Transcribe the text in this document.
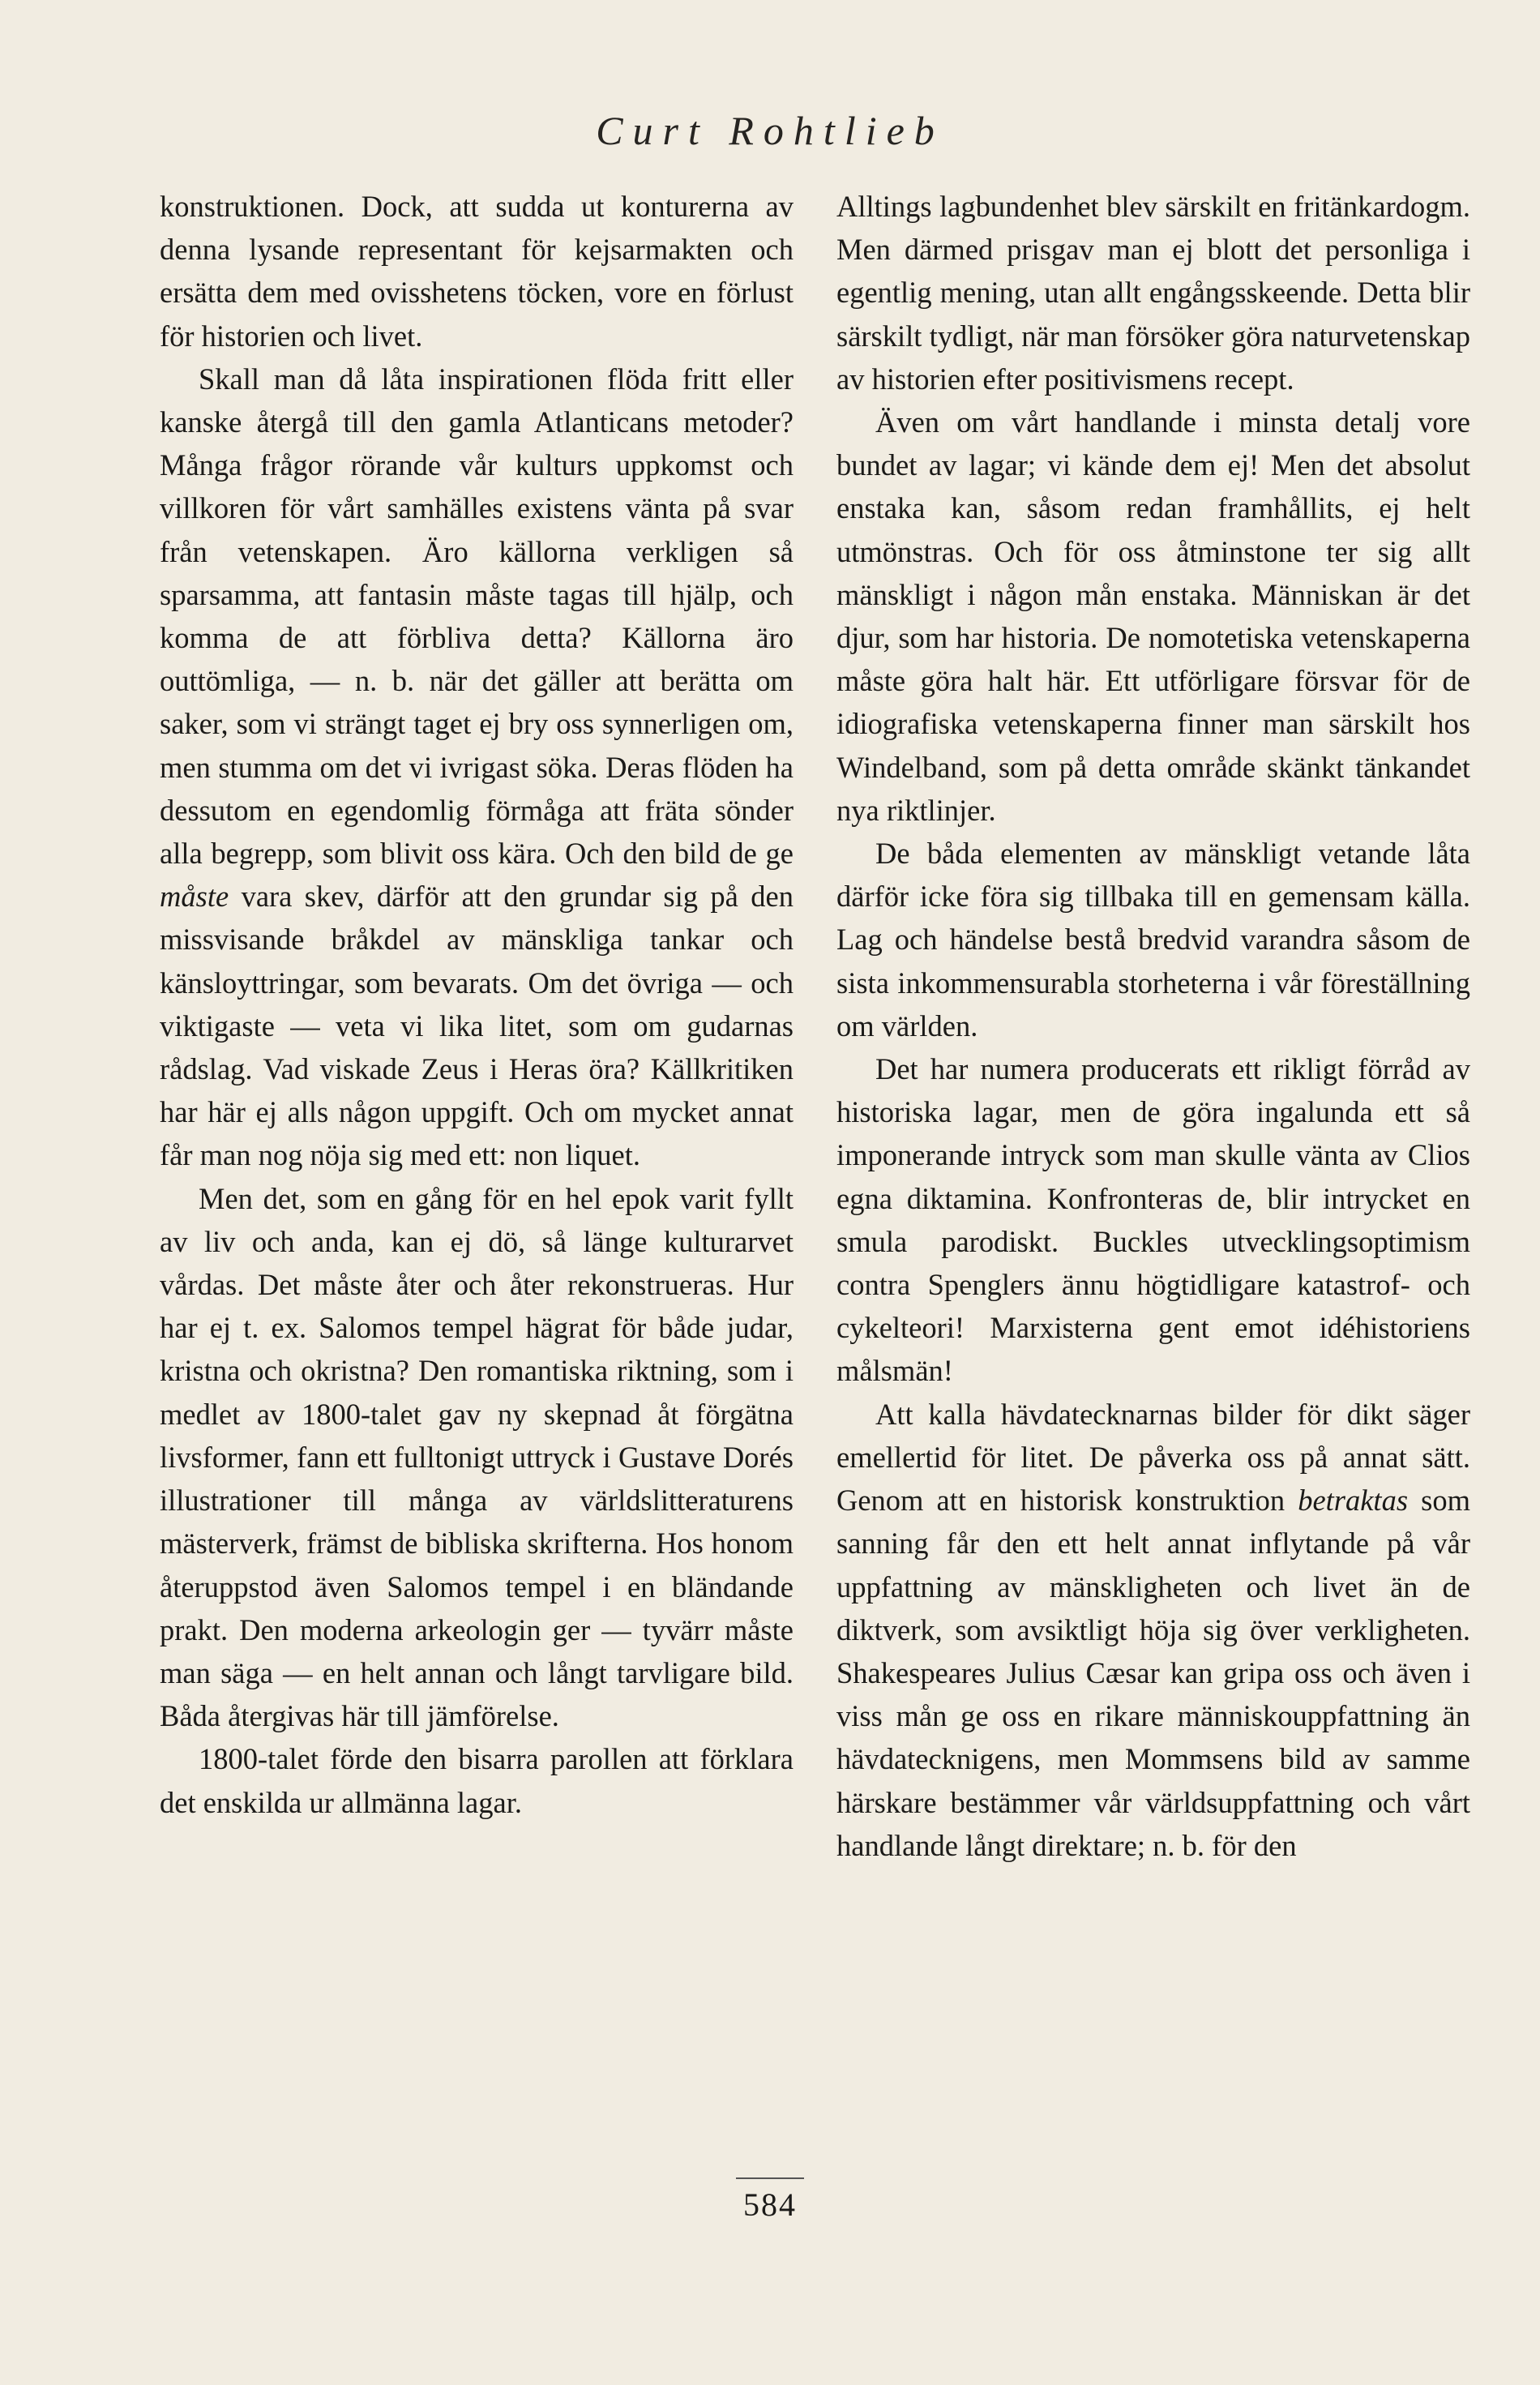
Curt Rohtlieb

konstruktionen. Dock, att sudda ut konturerna av denna lysande representant för kejsarmakten och ersätta dem med ovisshetens töcken, vore en förlust för historien och livet.

Skall man då låta inspirationen flöda fritt eller kanske återgå till den gamla Atlanticans metoder? Många frågor rörande vår kulturs uppkomst och villkoren för vårt samhälles existens vänta på svar från vetenskapen. Äro källorna verkligen så sparsamma, att fantasin måste tagas till hjälp, och komma de att förbliva detta? Källorna äro outtömliga, — n. b. när det gäller att berätta om saker, som vi strängt taget ej bry oss synnerligen om, men stumma om det vi ivrigast söka. Deras flöden ha dessutom en egendomlig förmåga att fräta sönder alla begrepp, som blivit oss kära. Och den bild de ge måste vara skev, därför att den grundar sig på den missvisande bråkdel av mänskliga tankar och känsloyttringar, som bevarats. Om det övriga — och viktigaste — veta vi lika litet, som om gudarnas rådslag. Vad viskade Zeus i Heras öra? Källkritiken har här ej alls någon uppgift. Och om mycket annat får man nog nöja sig med ett: non liquet.

Men det, som en gång för en hel epok varit fyllt av liv och anda, kan ej dö, så länge kulturarvet vårdas. Det måste åter och åter rekonstrueras. Hur har ej t. ex. Salomos tempel hägrat för både judar, kristna och okristna? Den romantiska riktning, som i medlet av 1800-talet gav ny skepnad åt förgätna livsformer, fann ett fulltonigt uttryck i Gustave Dorés illustrationer till många av världslitteraturens mästerverk, främst de bibliska skrifterna. Hos honom återuppstod även Salomos tempel i en bländande prakt. Den moderna arkeologin ger — tyvärr måste man säga — en helt annan och långt tarvligare bild. Båda återgivas här till jämförelse.

1800-talet förde den bisarra parollen att förklara det enskilda ur allmänna lagar.

Alltings lagbundenhet blev särskilt en fritänkardogm. Men därmed prisgav man ej blott det personliga i egentlig mening, utan allt engångsskeende. Detta blir särskilt tydligt, när man försöker göra naturvetenskap av historien efter positivismens recept.

Även om vårt handlande i minsta detalj vore bundet av lagar; vi kände dem ej! Men det absolut enstaka kan, såsom redan framhållits, ej helt utmönstras. Och för oss åtminstone ter sig allt mänskligt i någon mån enstaka. Människan är det djur, som har historia. De nomotetiska vetenskaperna måste göra halt här. Ett utförligare försvar för de idiografiska vetenskaperna finner man särskilt hos Windelband, som på detta område skänkt tänkandet nya riktlinjer.

De båda elementen av mänskligt vetande låta därför icke föra sig tillbaka till en gemensam källa. Lag och händelse bestå bredvid varandra såsom de sista inkommensurabla storheterna i vår föreställning om världen.

Det har numera producerats ett rikligt förråd av historiska lagar, men de göra ingalunda ett så imponerande intryck som man skulle vänta av Clios egna diktamina. Konfronteras de, blir intrycket en smula parodiskt. Buckles utvecklingsoptimism contra Spenglers ännu högtidligare katastrof- och cykelteori! Marxisterna gent emot idéhistoriens målsmän!

Att kalla hävdatecknarnas bilder för dikt säger emellertid för litet. De påverka oss på annat sätt. Genom att en historisk konstruktion betraktas som sanning får den ett helt annat inflytande på vår uppfattning av mänskligheten och livet än de diktverk, som avsiktligt höja sig över verkligheten. Shakespeares Julius Cæsar kan gripa oss och även i viss mån ge oss en rikare människouppfattning än hävdatecknigens, men Mommsens bild av samme härskare bestämmer vår världsuppfattning och vårt handlande långt direktare; n. b. för den

584
